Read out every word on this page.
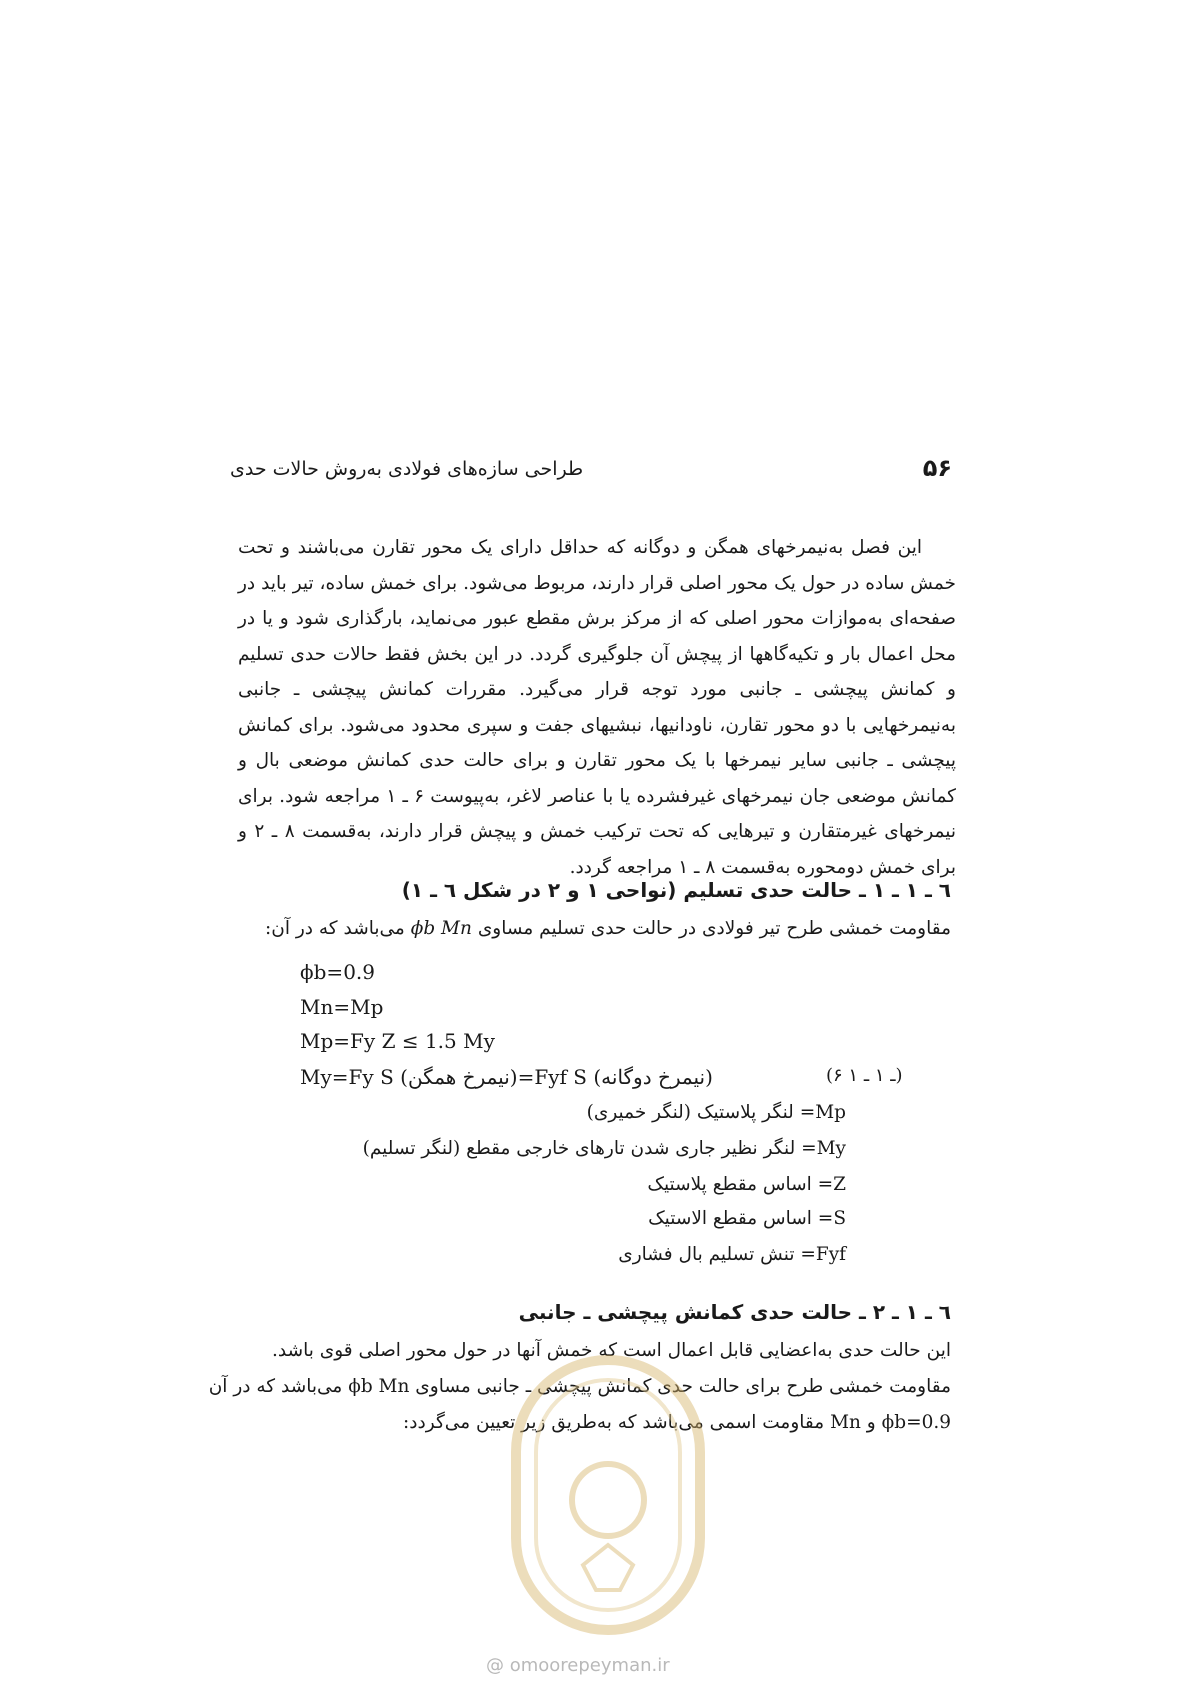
طراحی سازه‌های فولادی به‌روش حالات حدی	۵۶

این فصل به‌نیمرخهای همگن و دوگانه که حداقل دارای یک محور تقارن می‌باشند و تحت خمش ساده در حول یک محور اصلی قرار دارند، مربوط می‌شود. برای خمش ساده، تیر باید در صفحه‌ای به‌موازات محور اصلی که از مرکز برش مقطع عبور می‌نماید، بارگذاری شود و یا در محل اعمال بار و تکیه‌گاهها از پیچش آن جلوگیری گردد. در این بخش فقط حالات حدی تسلیم و کمانش پیچشی ـ جانبی مورد توجه قرار می‌گیرد. مقررات کمانش پیچشی ـ جانبی به‌نیمرخهایی با دو محور تقارن، ناودانیها، نبشیهای جفت و سپری محدود می‌شود. برای کمانش پیچشی ـ جانبی سایر نیمرخها با یک محور تقارن و برای حالت حدی کمانش موضعی بال و کمانش موضعی جان نیمرخهای غیرفشرده یا با عناصر لاغر، به‌پیوست ۶ ـ ۱ مراجعه شود. برای نیمرخهای غیرمتقارن و تیرهایی که تحت ترکیب خمش و پیچش قرار دارند، به‌قسمت ۸ ـ ۲ و برای خمش دومحوره به‌قسمت ۸ ـ ۱ مراجعه گردد.

٦ ـ ١ ـ ١ ـ حالت حدی تسلیم (نواحی ١ و ٢ در شکل ٦ ـ ١)
مقاومت خمشی طرح تیر فولادی در حالت حدی تسلیم مساوی ϕb Mn می‌باشد که در آن:
ϕb=0.9
Mn=Mp
(۶ ـ ۱ ـ ۱)
Mp=Fy Z ≤ 1.5 My
My=Fy S (نیمرخ همگن)=Fyf S (نیمرخ دوگانه)
Mp= لنگر پلاستیک (لنگر خمیری)
My= لنگر نظیر جاری شدن تارهای خارجی مقطع (لنگر تسلیم)
Z= اساس مقطع پلاستیک
S= اساس مقطع الاستیک
Fyf= تنش تسلیم بال فشاری
٦ ـ ١ ـ ٢ ـ حالت حدی کمانش پیچشی ـ جانبی
این حالت حدی به‌اعضایی قابل اعمال است که خمش آنها در حول محور اصلی قوی باشد.
مقاومت خمشی طرح برای حالت حدی کمانش پیچشی ـ جانبی مساوی ϕb Mn می‌باشد که در آن
ϕb=0.9 و Mn مقاومت اسمی می‌باشد که به‌طریق زیر تعیین می‌گردد:
@ omoorepeyman.ir
